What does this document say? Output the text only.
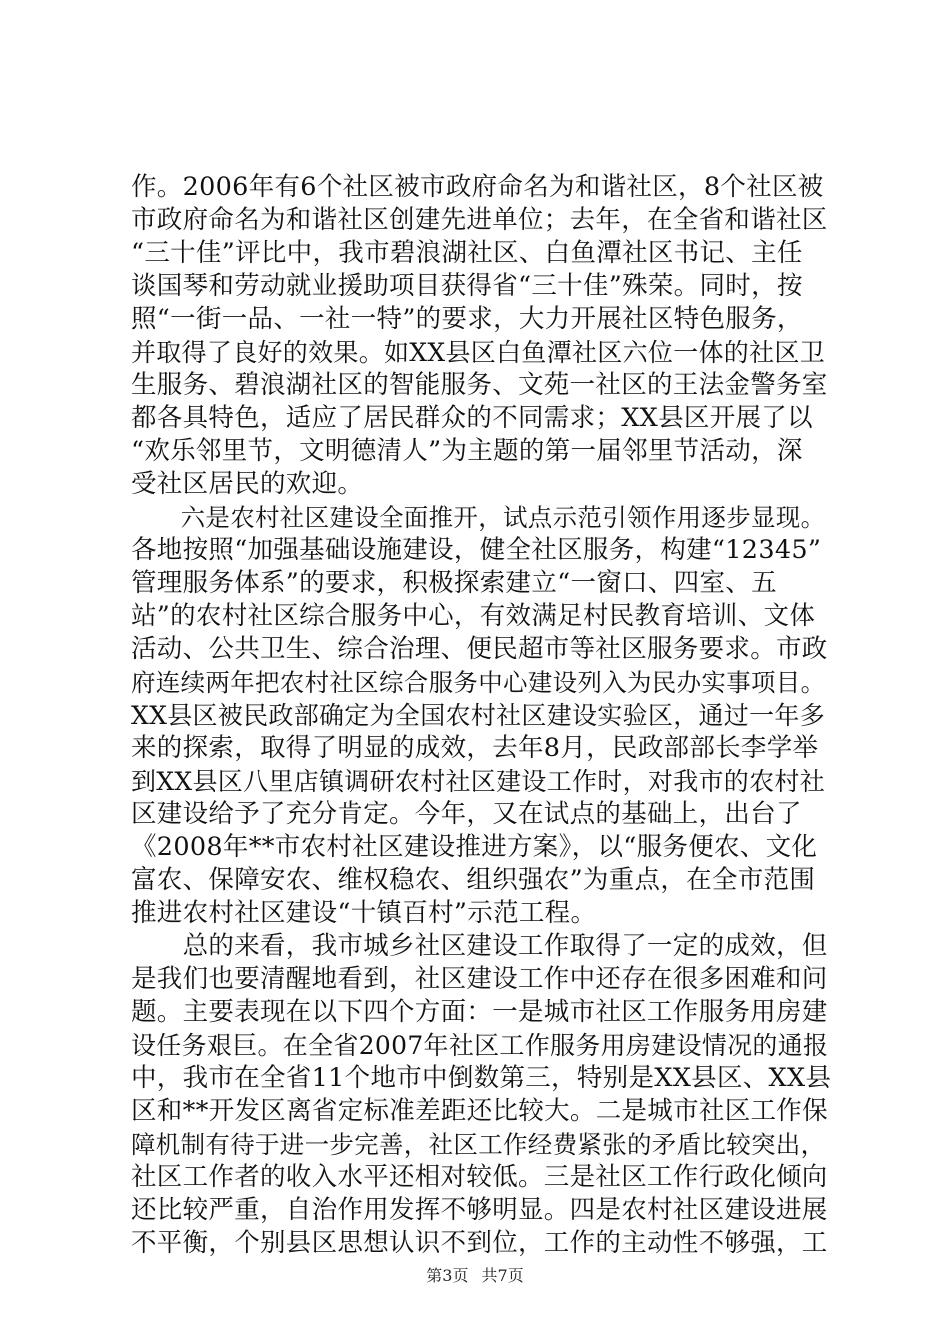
作。2006年有6个社区被市政府命名为和谐社区，8个社区被
市政府命名为和谐社区创建先进单位；去年，在全省和谐社区
“三十佳”评比中，我市碧浪湖社区、白鱼潭社区书记、主任
谈国琴和劳动就业援助项目获得省“三十佳”殊荣。同时，按
照“一街一品、一社一特”的要求，大力开展社区特色服务，
并取得了良好的效果。如XX县区白鱼潭社区六位一体的社区卫
生服务、碧浪湖社区的智能服务、文苑一社区的王法金警务室
都各具特色，适应了居民群众的不同需求；XX县区开展了以
“欢乐邻里节，文明德清人”为主题的第一届邻里节活动，深
受社区居民的欢迎。
　　六是农村社区建设全面推开，试点示范引领作用逐步显现。
各地按照“加强基础设施建设，健全社区服务，构建“12345”
管理服务体系”的要求，积极探索建立“一窗口、四室、五
站”的农村社区综合服务中心，有效满足村民教育培训、文体
活动、公共卫生、综合治理、便民超市等社区服务要求。市政
府连续两年把农村社区综合服务中心建设列入为民办实事项目。
XX县区被民政部确定为全国农村社区建设实验区，通过一年多
来的探索，取得了明显的成效，去年8月，民政部部长李学举
到XX县区八里店镇调研农村社区建设工作时，对我市的农村社
区建设给予了充分肯定。今年，又在试点的基础上，出台了
《2008年**市农村社区建设推进方案》，以“服务便农、文化
富农、保障安农、维权稳农、组织强农”为重点，在全市范围
推进农村社区建设“十镇百村”示范工程。
　　总的来看，我市城乡社区建设工作取得了一定的成效，但
是我们也要清醒地看到，社区建设工作中还存在很多困难和问
题。主要表现在以下四个方面：一是城市社区工作服务用房建
设任务艰巨。在全省2007年社区工作服务用房建设情况的通报
中，我市在全省11个地市中倒数第三，特别是XX县区、XX县
区和**开发区离省定标准差距还比较大。二是城市社区工作保
障机制有待于进一步完善，社区工作经费紧张的矛盾比较突出，
社区工作者的收入水平还相对较低。三是社区工作行政化倾向
还比较严重，自治作用发挥不够明显。四是农村社区建设进展
不平衡，个别县区思想认识不到位，工作的主动性不够强，工
第3页 共7页
